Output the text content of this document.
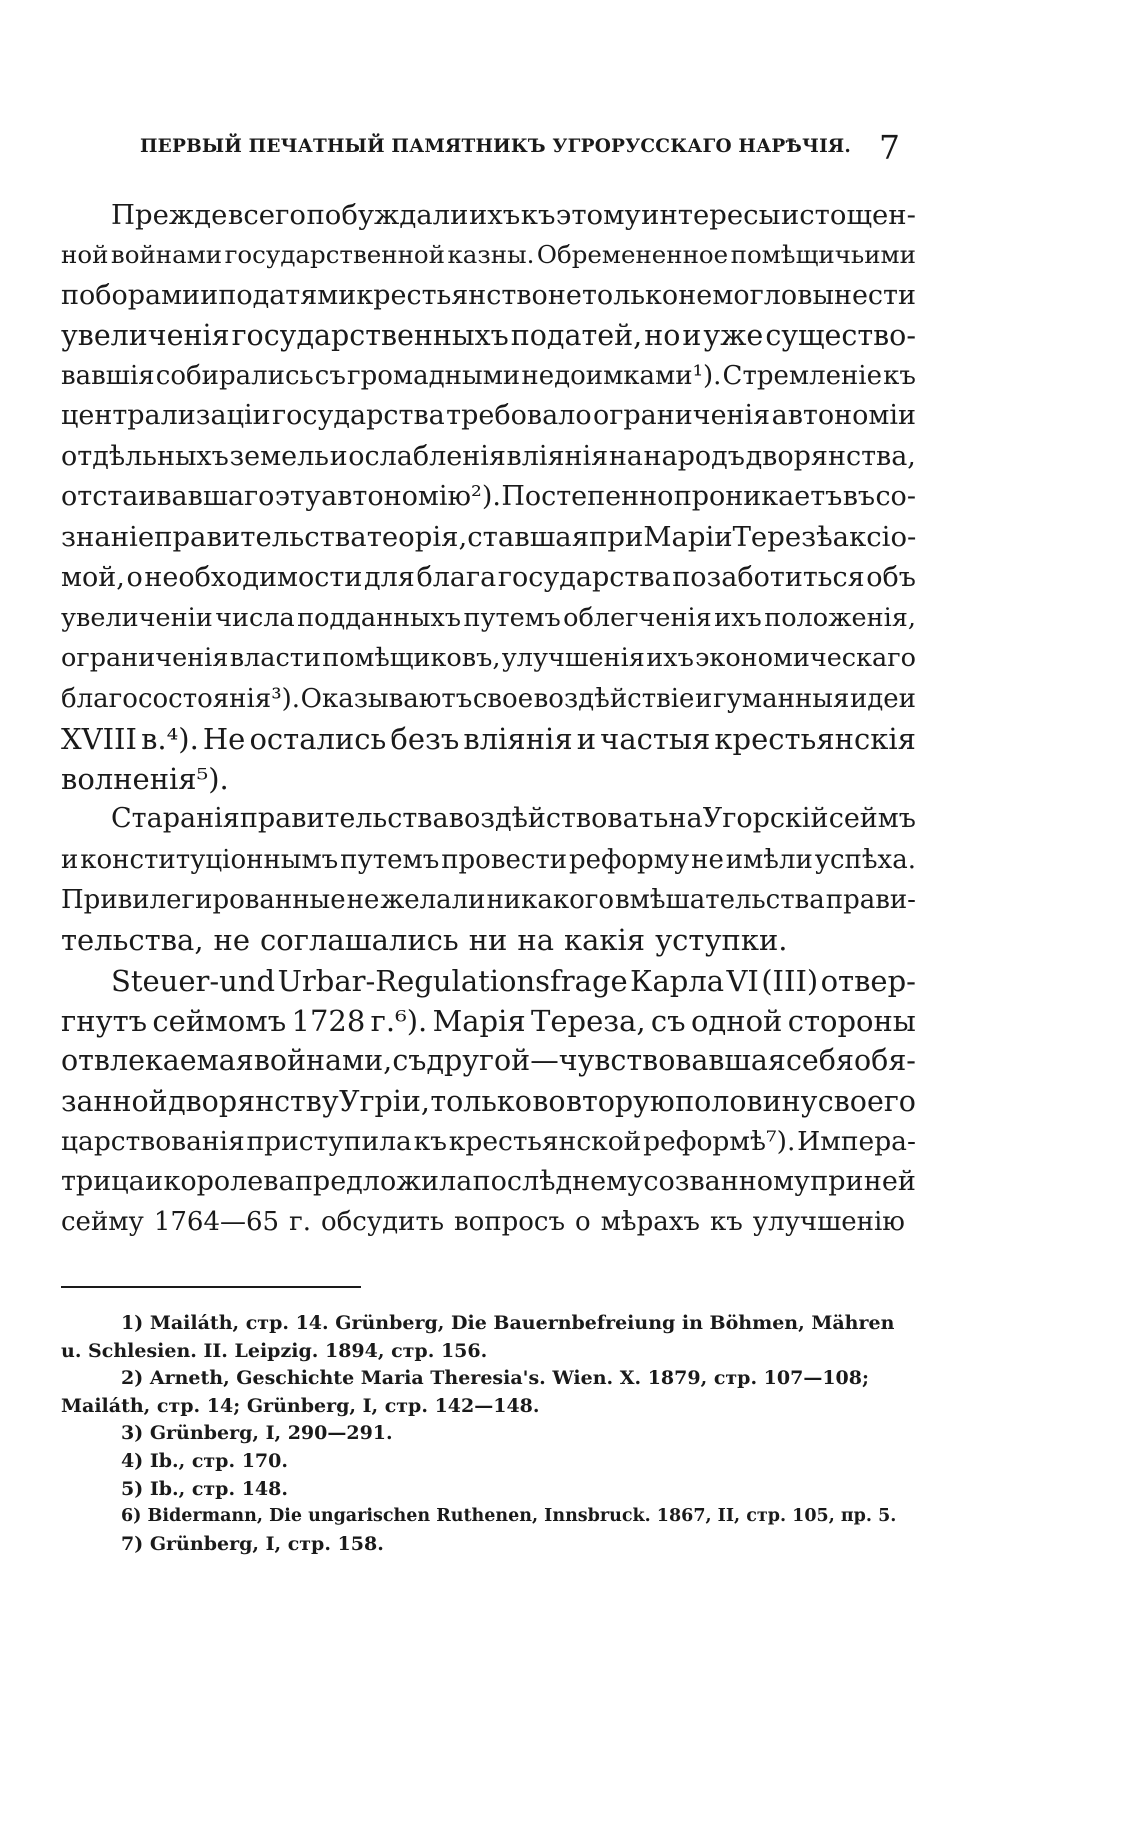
ПЕРВЫЙ ПЕЧАТНЫЙ ПАМЯТНИКЪ УГРОРУССКАГО НАРѢЧІЯ. 7
Прежде всего побуждали ихъ къ этому интересы истощен-
ной войнами государственной казны. Обремененное помѣщичьими
поборами и податями крестьянство не только не могло вынести
увеличенія государственныхъ податей, но и уже существо-
вавшія собирались съ громадными недоимками¹). Стремленіе къ
централизаціи государства требовало ограниченія автономіи
отдѣльныхъ земель и ослабленія вліянія на народъ дворянства,
отстаивавшаго эту автономію²). Постепенно проникаетъ въ со-
знаніе правительства теорія, ставшая при Маріи Терезѣ аксіо-
мой, о необходимости для блага государства позаботиться объ
увеличеніи числа подданныхъ путемъ облегченія ихъ положенія,
ограниченія власти помѣщиковъ, улучшенія ихъ экономическаго
благосостоянія³). Оказываютъ свое воздѣйствіе и гуманныя идеи
XVIII в.⁴). Не остались безъ вліянія и частыя крестьянскія
волненія⁵).
Старанія правительства воздѣйствовать на Угорскій сеймъ
и конституціоннымъ путемъ провести реформу не имѣли успѣха.
Привилегированные не желали никакого вмѣшательства прави-
тельства, не соглашались ни на какія уступки.
Steuer-und Urbar-Regulationsfrage Карла VI (III) отвер-
гнутъ сеймомъ 1728 г.⁶). Марія Тереза, съ одной стороны
отвлекаемая войнами, съ другой — чувствовавшая себя обя-
занной дворянству Угріи, только во вторую половину своего
царствованія приступила къ крестьянской реформѣ⁷). Импера-
трица и королева предложила послѣднему созванному при ней
сейму 1764—65 г. обсудить вопросъ о мѣрахъ къ улучшенію
1) Mailáth, стр. 14. Grünberg, Die Bauernbefreiung in Böhmen, Mähren
u. Schlesien. II. Leipzig. 1894, стр. 156.
2) Arneth, Geschichte Maria Theresia's. Wien. X. 1879, стр. 107—108;
Mailáth, стр. 14; Grünberg, I, стр. 142—148.
3) Grünberg, I, 290—291.
4) Ib., стр. 170.
5) Ib., стр. 148.
6) Bidermann, Die ungarischen Ruthenen, Innsbruck. 1867, II, стр. 105, пр. 5.
7) Grünberg, I, стр. 158.
